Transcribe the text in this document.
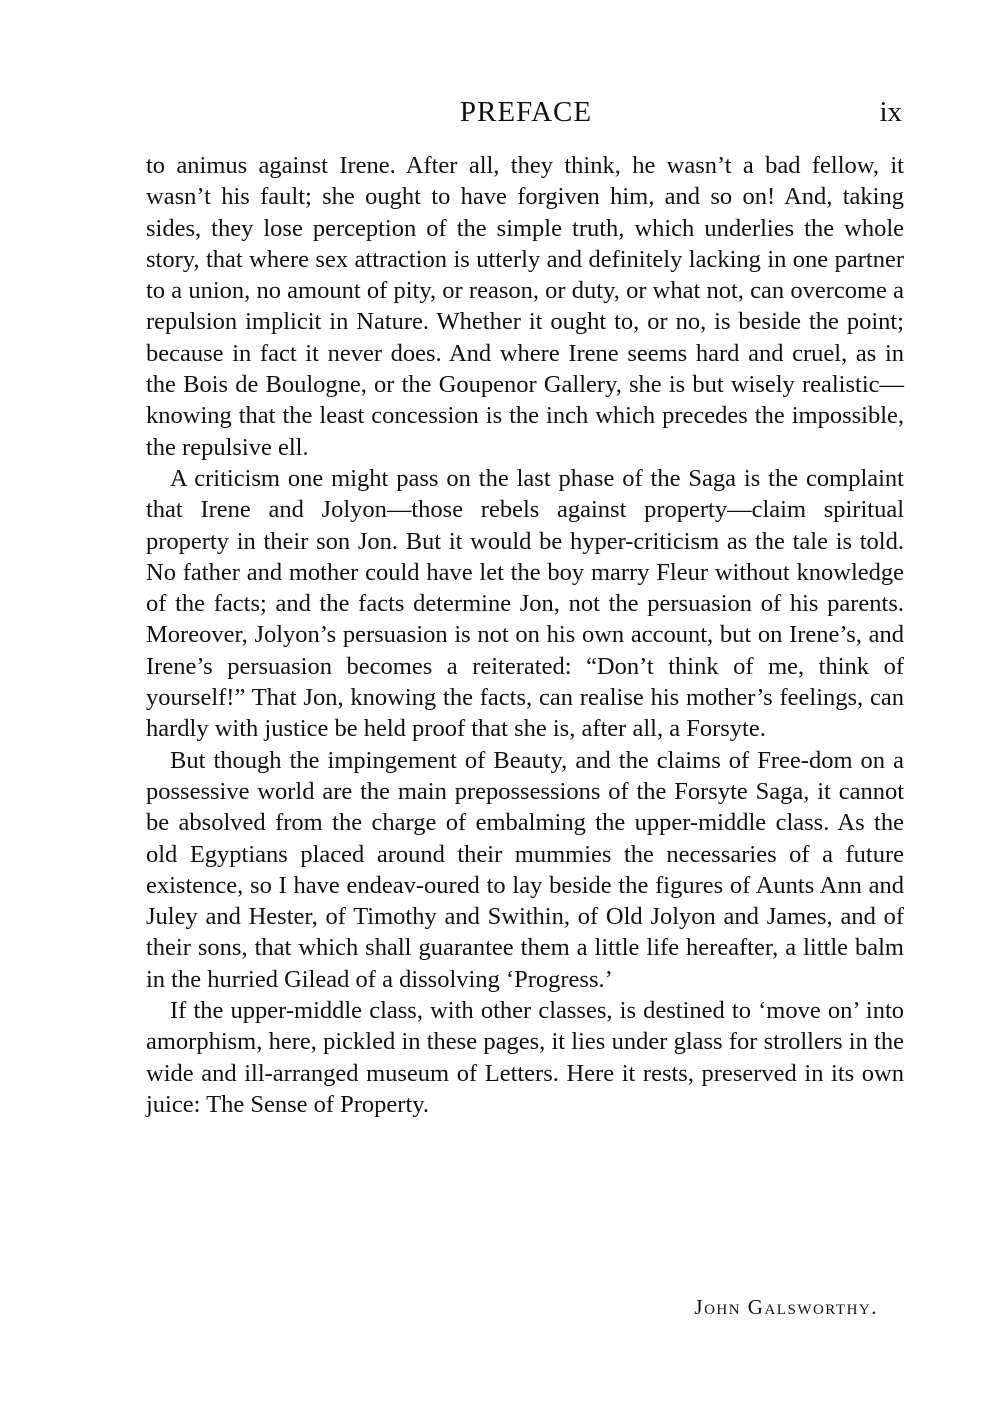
PREFACE	ix

to animus against Irene. After all, they think, he wasn’t a bad fellow, it wasn’t his fault; she ought to have forgiven him, and so on! And, taking sides, they lose perception of the simple truth, which underlies the whole story, that where sex attraction is utterly and definitely lacking in one partner to a union, no amount of pity, or reason, or duty, or what not, can overcome a repulsion implicit in Nature. Whether it ought to, or no, is beside the point; because in fact it never does. And where Irene seems hard and cruel, as in the Bois de Boulogne, or the Goupenor Gallery, she is but wisely realistic—knowing that the least concession is the inch which precedes the impossible, the repulsive ell.

A criticism one might pass on the last phase of the Saga is the complaint that Irene and Jolyon—those rebels against property—claim spiritual property in their son Jon. But it would be hyper-criticism as the tale is told. No father and mother could have let the boy marry Fleur without knowledge of the facts; and the facts determine Jon, not the persuasion of his parents. Moreover, Jolyon’s persuasion is not on his own account, but on Irene’s, and Irene’s persuasion becomes a reiterated: “Don’t think of me, think of yourself!” That Jon, knowing the facts, can realise his mother’s feelings, can hardly with justice be held proof that she is, after all, a Forsyte.

But though the impingement of Beauty, and the claims of Free-dom on a possessive world are the main prepossessions of the Forsyte Saga, it cannot be absolved from the charge of embalming the upper-middle class. As the old Egyptians placed around their mummies the necessaries of a future existence, so I have endeav-oured to lay beside the figures of Aunts Ann and Juley and Hester, of Timothy and Swithin, of Old Jolyon and James, and of their sons, that which shall guarantee them a little life hereafter, a little balm in the hurried Gilead of a dissolving ‘Progress.’

If the upper-middle class, with other classes, is destined to ‘move on’ into amorphism, here, pickled in these pages, it lies under glass for strollers in the wide and ill-arranged museum of Letters. Here it rests, preserved in its own juice: The Sense of Property.

John Galsworthy.
